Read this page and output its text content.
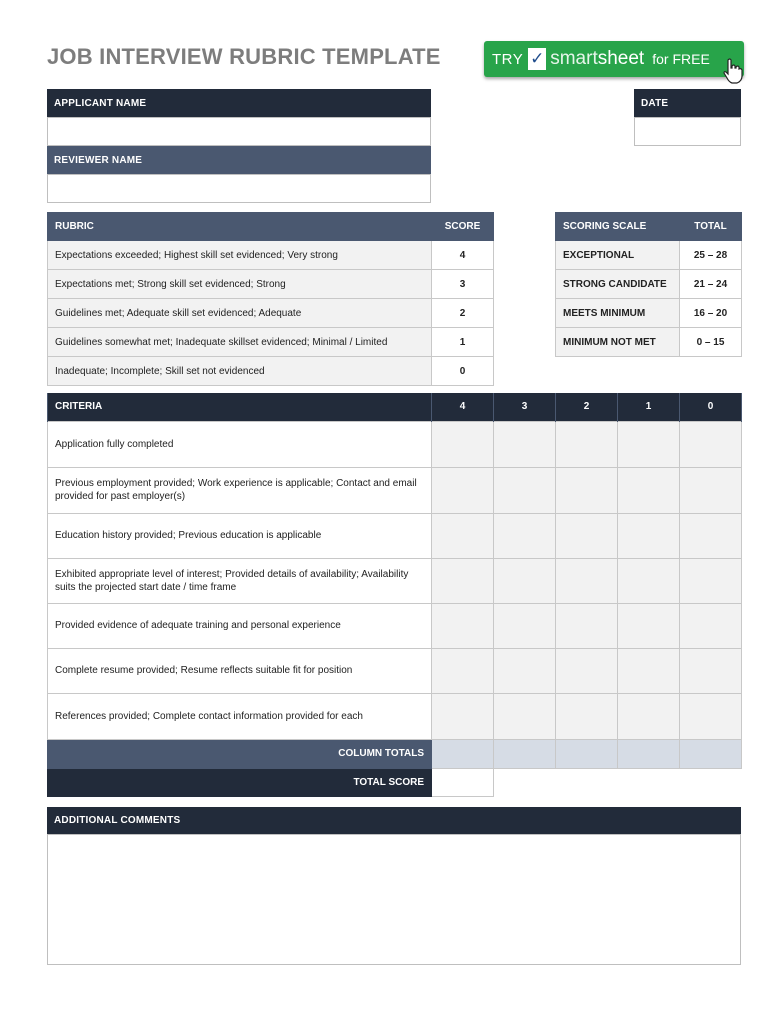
JOB INTERVIEW RUBRIC TEMPLATE	TRY ✓ smartsheet for FREE
APPLICANT NAME
REVIEWER NAME
DATE
RUBRIC	SCORE
Expectations exceeded; Highest skill set evidenced; Very strong	4
Expectations met; Strong skill set evidenced; Strong	3
Guidelines met; Adequate skill set evidenced; Adequate	2
Guidelines somewhat met; Inadequate skillset evidenced; Minimal / Limited	1
Inadequate; Incomplete; Skill set not evidenced	0
SCORING SCALE	TOTAL
EXCEPTIONAL	25 – 28
STRONG CANDIDATE	21 – 24
MEETS MINIMUM	16 – 20
MINIMUM NOT MET	0 – 15
CRITERIA	4	3	2	1	0
Application fully completed					
Previous employment provided; Work experience is applicable; Contact and email provided for past employer(s)					
Education history provided; Previous education is applicable					
Exhibited appropriate level of interest; Provided details of availability; Availability suits the projected start date / time frame					
Provided evidence of adequate training and personal experience					
Complete resume provided; Resume reflects suitable fit for position					
References provided; Complete contact information provided for each					
COLUMN TOTALS					
TOTAL SCORE					
ADDITIONAL COMMENTS
